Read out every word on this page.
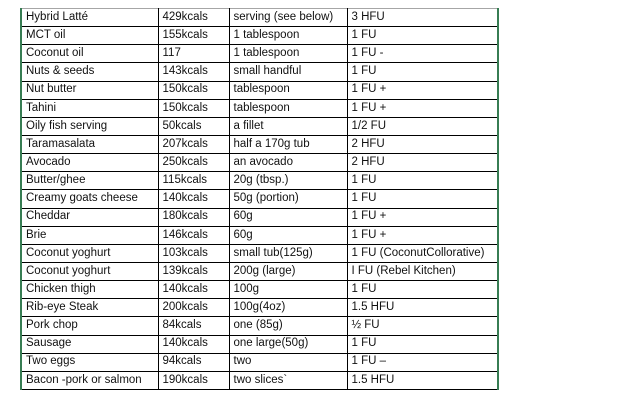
Hybrid Latté	429kcals	serving (see below)	3 HFU
MCT oil	155kcals	1 tablespoon	1 FU
Coconut oil	117	1 tablespoon	1 FU -
Nuts & seeds	143kcals	small handful	1 FU
Nut butter	150kcals	tablespoon	1 FU +
Tahini	150kcals	tablespoon	1 FU +
Oily fish serving	50kcals	a fillet	1/2 FU
Taramasalata	207kcals	half a 170g tub	2 HFU
Avocado	250kcals	an avocado	2 HFU
Butter/ghee	115kcals	20g (tbsp.)	1 FU
Creamy goats cheese	140kcals	50g (portion)	1 FU
Cheddar	180kcals	60g	1 FU +
Brie	146kcals	60g	1 FU +
Coconut yoghurt	103kcals	small tub(125g)	1 FU (CoconutCollorative)
Coconut yoghurt	139kcals	200g (large)	I FU (Rebel Kitchen)
Chicken thigh	140kcals	100g	1 FU
Rib-eye Steak	200kcals	100g(4oz)	1.5 HFU
Pork chop	84kcals	one (85g)	½ FU
Sausage	140kcals	one large(50g)	1 FU
Two eggs	94kcals	two	1 FU –
Bacon -pork or salmon	190kcals	two slices`	1.5 HFU
